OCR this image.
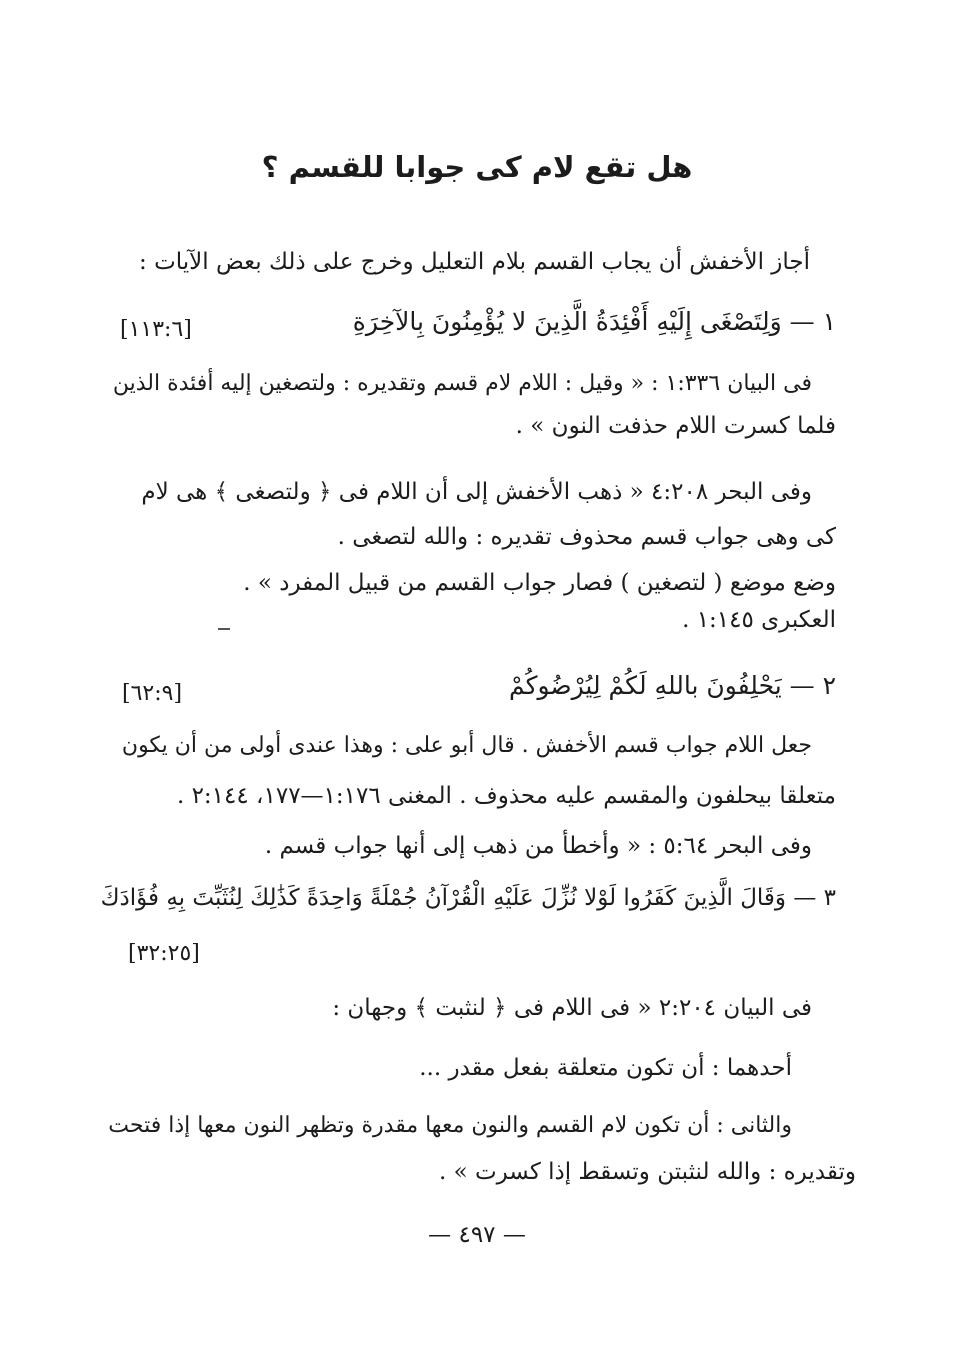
هل تقع لام كى جوابا للقسم ؟
أجاز الأخفش أن يجاب القسم بلام التعليل وخرج على ذلك بعض الآيات :
١ — وَلِتَصْغَى إِلَيْهِ أَفْئِدَةُ الَّذِينَ لا يُؤْمِنُونَ بِالآخِرَةِ
[١١٣:٦]
فى البيان ١:٣٣٦ : « وقيل : اللام لام قسم وتقديره : ولتصغين إليه أفئدة الذين
فلما كسرت اللام حذفت النون » .
وفى البحر ٤:٢٠٨ « ذهب الأخفش إلى أن اللام فى ﴿ ولتصغى ﴾ هى لام
كى وهى جواب قسم محذوف تقديره : والله لتصغى .
وضع موضع ( لتصغين ) فصار جواب القسم من قبيل المفرد » .
العكبرى ١:١٤٥ .
٢ — يَحْلِفُونَ باللهِ لَكُمْ لِيُرْضُوكُمْ
[٦٢:٩]
جعل اللام جواب قسم الأخفش . قال أبو على : وهذا عندى أولى من أن يكون
متعلقا بيحلفون والمقسم عليه محذوف . المغنى ١:١٧٦—١٧٧، ٢:١٤٤ .
وفى البحر ٥:٦٤ : « وأخطأ من ذهب إلى أنها جواب قسم .
٣ — وَقَالَ الَّذِينَ كَفَرُوا لَوْلا نُزِّلَ عَلَيْهِ الْقُرْآنُ جُمْلَةً وَاحِدَةً كَذَٰلِكَ لِنُثَبِّتَ بِهِ فُؤَادَكَ
[٣٢:٢٥]
فى البيان ٢:٢٠٤ « فى اللام فى ﴿ لنثبت ﴾ وجهان :
أحدهما : أن تكون متعلقة بفعل مقدر ...
والثانى : أن تكون لام القسم والنون معها مقدرة وتظهر النون معها إذا فتحت
وتقديره : والله لنثبتن وتسقط إذا كسرت » .
— ٤٩٧ —
